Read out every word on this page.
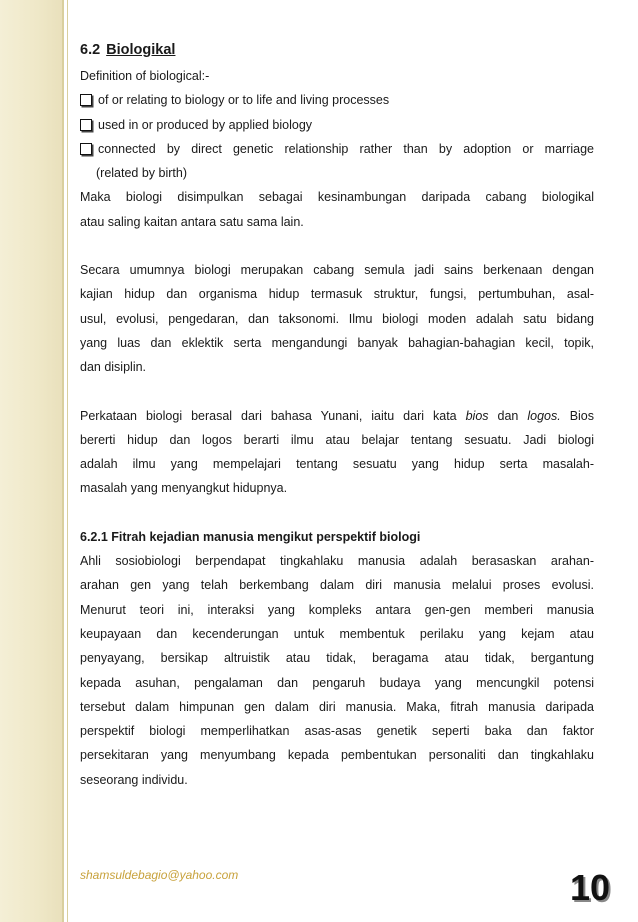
6.2 Biologikal

Definition of biological:-

of or relating to biology or to life and living processes
used in or produced by applied biology
connected by direct genetic relationship rather than by adoption or marriage

(related by birth)

Maka biologi disimpulkan sebagai kesinambungan daripada cabang biologikal

atau saling kaitan antara satu sama lain.

Secara umumnya biologi merupakan cabang semula jadi sains berkenaan dengan

kajian hidup dan organisma hidup termasuk struktur, fungsi, pertumbuhan, asal-

usul, evolusi, pengedaran, dan taksonomi. Ilmu biologi moden adalah satu bidang

yang luas dan eklektik serta mengandungi banyak bahagian-bahagian kecil, topik,

dan disiplin.

Perkataan biologi berasal dari bahasa Yunani, iaitu dari kata bios dan logos. Bios

bererti hidup dan logos berarti ilmu atau belajar tentang sesuatu. Jadi biologi

adalah ilmu yang mempelajari tentang sesuatu yang hidup serta masalah-

masalah yang menyangkut hidupnya.

6.2.1 Fitrah kejadian manusia mengikut perspektif biologi

Ahli sosiobiologi berpendapat tingkahlaku manusia adalah berasaskan arahan-

arahan gen yang telah berkembang dalam diri manusia melalui proses evolusi.

Menurut teori ini, interaksi yang kompleks antara gen-gen memberi manusia

keupayaan dan kecenderungan untuk membentuk perilaku yang kejam atau

penyayang, bersikap altruistik atau tidak, beragama atau tidak, bergantung

kepada asuhan, pengalaman dan pengaruh budaya yang mencungkil potensi

tersebut dalam himpunan gen dalam diri manusia. Maka, fitrah manusia daripada

perspektif biologi memperlihatkan asas-asas genetik seperti baka dan faktor

persekitaran yang menyumbang kepada pembentukan personaliti dan tingkahlaku

seseorang individu.

shamsuldebagio@yahoo.com	10
